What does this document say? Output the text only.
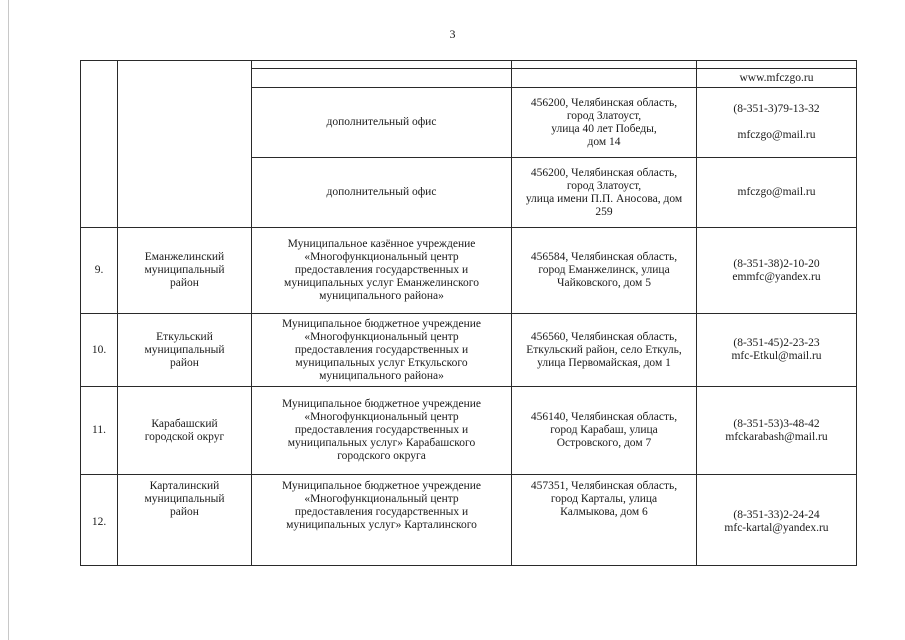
3

				www.mfczgo.ru

		дополнительный офис	456200, Челябинская область,
город Златоуст,
улица 40 лет Победы,
дом 14	(8-351-3)79-13-32
mfczgo@mail.ru

		дополнительный офис	456200, Челябинская область,
город Златоуст,
улица имени П.П. Аносова, дом
259	mfczgo@mail.ru

9.	Еманжелинский
муниципальный
район	Муниципальное казённое учреждение
«Многофункциональный центр
предоставления государственных и
муниципальных услуг Еманжелинского
муниципального района»	456584, Челябинская область,
город Еманжелинск, улица
Чайковского, дом 5	(8-351-38)2-10-20
emmfc@yandex.ru

10.	Еткульский
муниципальный
район	Муниципальное бюджетное учреждение
«Многофункциональный центр
предоставления государственных и
муниципальных услуг Еткульского
муниципального района»	456560, Челябинская область,
Еткульский район, село Еткуль,
улица Первомайская, дом 1	(8-351-45)2-23-23
mfc-Etkul@mail.ru

11.	Карабашский
городской округ	Муниципальное бюджетное учреждение
«Многофункциональный центр
предоставления государственных и
муниципальных услуг» Карабашского
городского округа	456140, Челябинская область,
город Карабаш, улица
Островского, дом 7	(8-351-53)3-48-42
mfckarabash@mail.ru

12.	Карталинский
муниципальный
район	Муниципальное бюджетное учреждение
«Многофункциональный центр
предоставления государственных и
муниципальных услуг» Карталинского	457351, Челябинская область,
город Карталы, улица
Калмыкова, дом 6	(8-351-33)2-24-24
mfc-kartal@yandex.ru
